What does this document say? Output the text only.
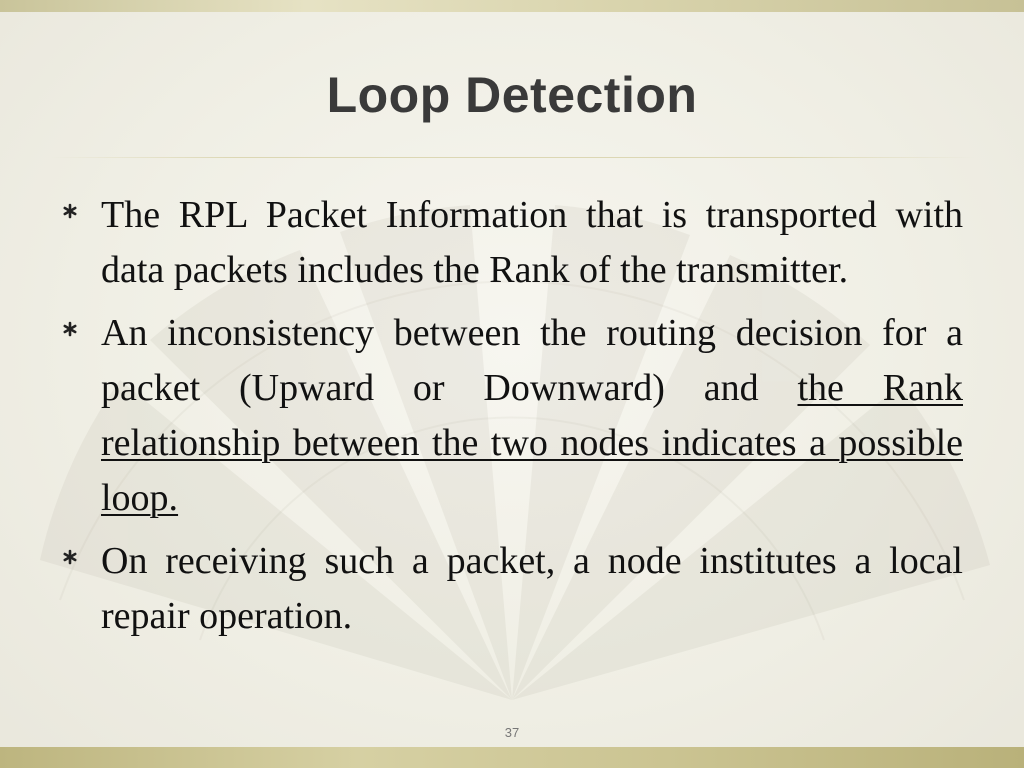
Loop Detection
The RPL Packet Information that is transported with data packets includes the Rank of the transmitter.
An inconsistency between the routing decision for a packet (Upward or Downward) and the Rank relationship between the two nodes indicates a possible loop.
On receiving such a packet, a node institutes a local repair operation.
37
